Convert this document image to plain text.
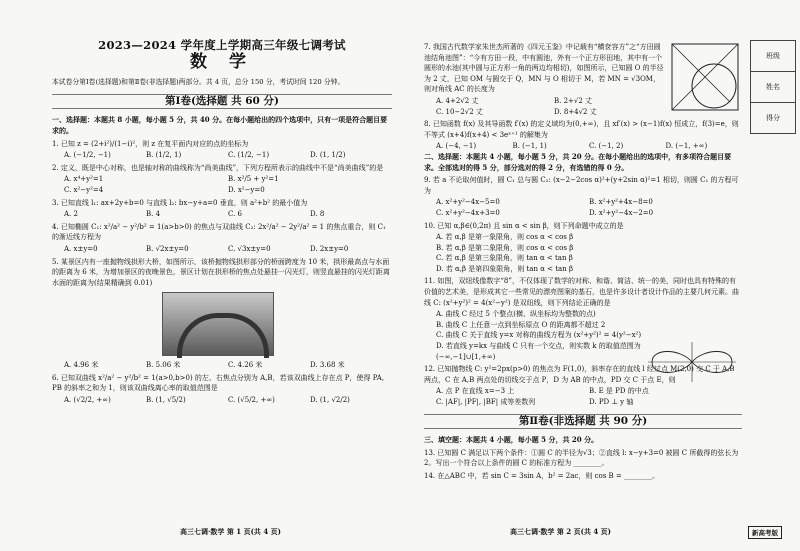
2023—2024 学年度上学期高三年级七调考试
数 学

本试卷分第Ⅰ卷(选择题)和第Ⅱ卷(非选择题)两部分。共 4 页，总分 150 分，考试时间 120 分钟。

第Ⅰ卷(选择题 共 60 分)

一、选择题：本题共 8 小题，每小题 5 分，共 40 分。在每小题给出的四个选项中，只有一项是符合题目要求的。

1. 已知 z = (2+i²)/(1−i)²，则 z 在复平面内对应的点的坐标为

A. (−1/2, −1)	B. (1/2, 1)	C. (1/2, −1)	D. (1, 1/2)

2. 定义，既是中心对称，也是轴对称的曲线称为“尚美曲线”，下列方程所表示的曲线中不是“尚美曲线”的是

A. x⁴+y²=1	B. x²/5 + y²=1
C. x²−y²=4	D. x²−y=0

3. 已知直线 l₁: ax+2y+b=0 与直线 l₂: bx−y+a=0 垂直，则 a²+b² 的最小值为

A. 2	B. 4	C. 6	D. 8

4. 已知椭圆 C₁: x²/a² − y²/b² = 1(a>b>0) 的焦点与双曲线 C₂: 2x²/a² − 2y²/a² = 1 的焦点重合，则 C₁ 的渐近线方程为

A. x±y=0	B. √2x±y=0	C. √3x±y=0	D. 2x±y=0

5. 某景区内有一座抛物线拱形大桥，如图所示，该桥抛物线拱形部分的桥面跨度为 10 米，拱形最高点与水面的距离为 6 米，为增加景区的夜晚景色，景区计划在拱形桥的焦点处悬挂一闪光灯，则竖直悬挂的闪光灯距离水面的距离为(结果精确到 0.01)

A. 4.96 米	B. 5.06 米	C. 4.26 米	D. 3.68 米

6. 已知双曲线 x²/a² − y²/b² = 1(a>0,b>0) 的左、右焦点分别为 A,B，若该双曲线上存在点 P，使得 PA, PB 的斜率之和为 1，则该双曲线离心率的取值范围是

A. (√2/2, +∞)	B. (1, √5/2)	C. (√5/2, +∞)	D. (1, √2/2)
高三七调·数学 第 1 页(共 4 页)

7. 我国古代数学家朱世杰所著的《四元玉鉴》中记载有“横奁容方”之“方田圆池结角池图”：“今有方田一段，中有圆池，外有一个正方形田地，其中有一个圆形的水池(其中圆与正方形一角的两边均相切)，如图所示，已知圆 O 的半径为 2 丈，已知 OM 与圆交于 Q，MN 与 O 相切于 M，若 MN = √3OM，则对角线 AC 的长度为

A. 4+2√2 丈	B. 2+√2 丈
C. 10−2√2 丈	D. 8+4√2 丈

8. 已知函数 f(x) 及其导函数 f′(x) 的定义域均为(0,+∞)，且 xf′(x) > (x−1)f(x) 恒成立，f(3)=e，则不等式 (x+4)f(x+4) < 3eˣ⁺¹ 的解集为

A. (−4, −1)	B. (−1, 1)	C. (−1, 2)	D. (−1, +∞)

二、选择题：本题共 4 小题，每小题 5 分，共 20 分。在每小题给出的选项中，有多项符合题目要求。全部选对的得 5 分，部分选对的得 2 分，有选错的得 0 分。

9. 若 a 不论取何值时，圆 C₁ 总与圆 C₂: (x−2−2cos α)²+(y+2sin α)²=1 相切，则圆 C₁ 的方程可为

A. x²+y²−4x−5=0	B. x²+y²+4x−8=0
C. x²+y²−4x+3=0	D. x²+y²−4x−2=0

10. 已知 α,β∈(0,2π) 且 sin α < sin β，则下列命题中成立的是

A. 若 α,β 是第一象限角，则 cos α < cos β
B. 若 α,β 是第二象限角，则 cos α < cos β
C. 若 α,β 是第三象限角，则 tan α < tan β
D. 若 α,β 是第四象限角，则 tan α < tan β

11. 如图，双纽线像数字“8”，不仅体现了数学的对称、和谐、简洁、统一的美，同时也具有特殊的有价值的艺术美，是形成其它一些常见的漂亮图案的基石，也是许多设计者设计作品的主要几何元素。曲线 C: (x²+y²)² = 4(x²−y²) 是双纽线，则下列结论正确的是

A. 曲线 C 经过 5 个整点(横、纵坐标均为整数的点)
B. 曲线 C 上任意一点到坐标原点 O 的距离都不超过 2
C. 曲线 C 关于直线 y=x 对称的曲线方程为 (x²+y²)² = 4(y²−x²)
D. 若直线 y=kx 与曲线 C 只有一个交点，则实数 k 的取值范围为 (−∞,−1]∪[1,+∞)

12. 已知抛物线 C: y²=2px(p>0) 的焦点为 F(1,0)，斜率存在的直线 l 经过点 M(2,0) 交 C 于 A,B 两点，C 在 A,B 两点处的切线交于点 P，D 为 AB 的中点，PD 交 C 于点 E，则

A. 点 P 在直线 x=−3 上	B. E 是 PD 的中点
C. |AF|, |PF|, |BF| 成等差数列	D. PD ⊥ y 轴
第Ⅱ卷(非选择题 共 90 分)

三、填空题：本题共 4 小题，每小题 5 分，共 20 分。

13. 已知圆 C 满足以下两个条件：①圆 C 的半径为√3；②直线 l: x−y+3=0 被圆 C 所截得的弦长为 2。写出一个符合以上条件的圆 C 的标准方程为 ________。

14. 在△ABC 中，若 sin C = 3sin A，b² = 2ac，则 cos B = ________。

班级
姓名
得分
高三七调·数学 第 2 页(共 4 页)	新高考版
